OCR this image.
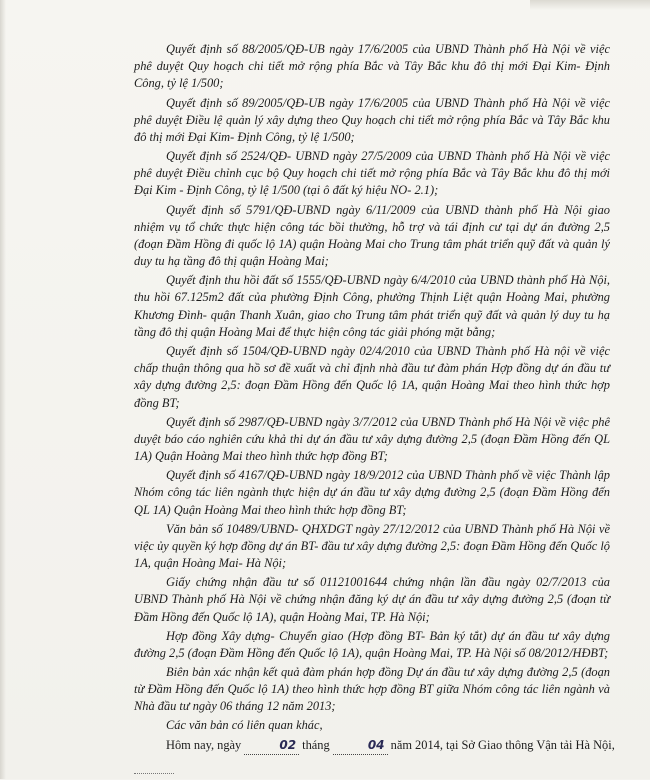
Quyết định số 88/2005/QĐ-UB ngày 17/6/2005 của UBND Thành phố Hà Nội về việc phê duyệt Quy hoạch chi tiết mở rộng phía Bắc và Tây Bắc khu đô thị mới Đại Kim- Định Công, tỷ lệ 1/500;

Quyết định số 89/2005/QĐ-UB ngày 17/6/2005 của UBND Thành phố Hà Nội về việc phê duyệt Điều lệ quản lý xây dựng theo Quy hoạch chi tiết mở rộng phía Bắc và Tây Bắc khu đô thị mới Đại Kim- Định Công, tỷ lệ 1/500;

Quyết định số 2524/QĐ- UBND ngày 27/5/2009 của UBND Thành phố Hà Nội về việc phê duyệt Điều chỉnh cục bộ Quy hoạch chi tiết mở rộng phía Bắc và Tây Bắc khu đô thị mới Đại Kim - Định Công, tỷ lệ 1/500 (tại ô đất ký hiệu NO- 2.1);

Quyết định số 5791/QĐ-UBND ngày 6/11/2009 của UBND thành phố Hà Nội giao nhiệm vụ tổ chức thực hiện công tác bồi thường, hỗ trợ và tái định cư tại dự án đường 2,5 (đoạn Đầm Hồng đi quốc lộ 1A) quận Hoàng Mai cho Trung tâm phát triển quỹ đất và quản lý duy tu hạ tầng đô thị quận Hoàng Mai;

Quyết định thu hồi đất số 1555/QĐ-UBND ngày 6/4/2010 của UBND thành phố Hà Nội, thu hồi 67.125m2 đất của phường Định Công, phường Thịnh Liệt quận Hoàng Mai, phường Khương Đình- quận Thanh Xuân, giao cho Trung tâm phát triển quỹ đất và quản lý duy tu hạ tầng đô thị quận Hoàng Mai để thực hiện công tác giải phóng mặt bằng;

Quyết định số 1504/QĐ-UBND ngày 02/4/2010 của UBND Thành phố Hà nội về việc chấp thuận thông qua hồ sơ đề xuất và chỉ định nhà đầu tư đàm phán Hợp đồng dự án đầu tư xây dựng đường 2,5: đoạn Đầm Hồng đến Quốc lộ 1A, quận Hoàng Mai theo hình thức hợp đồng BT;

Quyết định số 2987/QĐ-UBND ngày 3/7/2012 của UBND Thành phố Hà Nội về việc phê duyệt báo cáo nghiên cứu khả thi dự án đầu tư xây dựng đường 2,5 (đoạn Đầm Hồng đến QL 1A) Quận Hoàng Mai theo hình thức hợp đồng BT;

Quyết định số 4167/QĐ-UBND ngày 18/9/2012 của UBND Thành phố về việc Thành lập Nhóm công tác liên ngành thực hiện dự án đầu tư xây dựng đường 2,5 (đoạn Đầm Hồng đến QL 1A) Quận Hoàng Mai theo hình thức hợp đồng BT;

Văn bản số 10489/UBND- QHXDGT ngày 27/12/2012 của UBND Thành phố Hà Nội về việc ủy quyền ký hợp đồng dự án BT- đầu tư xây dựng đường 2,5: đoạn Đầm Hồng đến Quốc lộ 1A, quận Hoàng Mai- Hà Nội;

Giấy chứng nhận đầu tư số 01121001644 chứng nhận lần đầu ngày 02/7/2013 của UBND Thành phố Hà Nội về chứng nhận đăng ký dự án đầu tư xây dựng đường 2,5 (đoạn từ Đầm Hồng đến Quốc lộ 1A), quận Hoàng Mai, TP. Hà Nội;

Hợp đồng Xây dựng- Chuyển giao (Hợp đồng BT- Bản ký tắt) dự án đầu tư xây dựng đường 2,5 (đoạn Đầm Hồng đến Quốc lộ 1A), quận Hoàng Mai, TP. Hà Nội số 08/2012/HĐBT;

Biên bản xác nhận kết quả đàm phán hợp đồng Dự án đầu tư xây dựng đường 2,5 (đoạn từ Đầm Hồng đến Quốc lộ 1A) theo hình thức hợp đồng BT giữa Nhóm công tác liên ngành và Nhà đầu tư ngày 06 tháng 12 năm 2013;

Các văn bản có liên quan khác,

Hôm nay, ngày	02 tháng	04 năm 2014, tại Sở Giao thông Vận tải Hà Nội,
